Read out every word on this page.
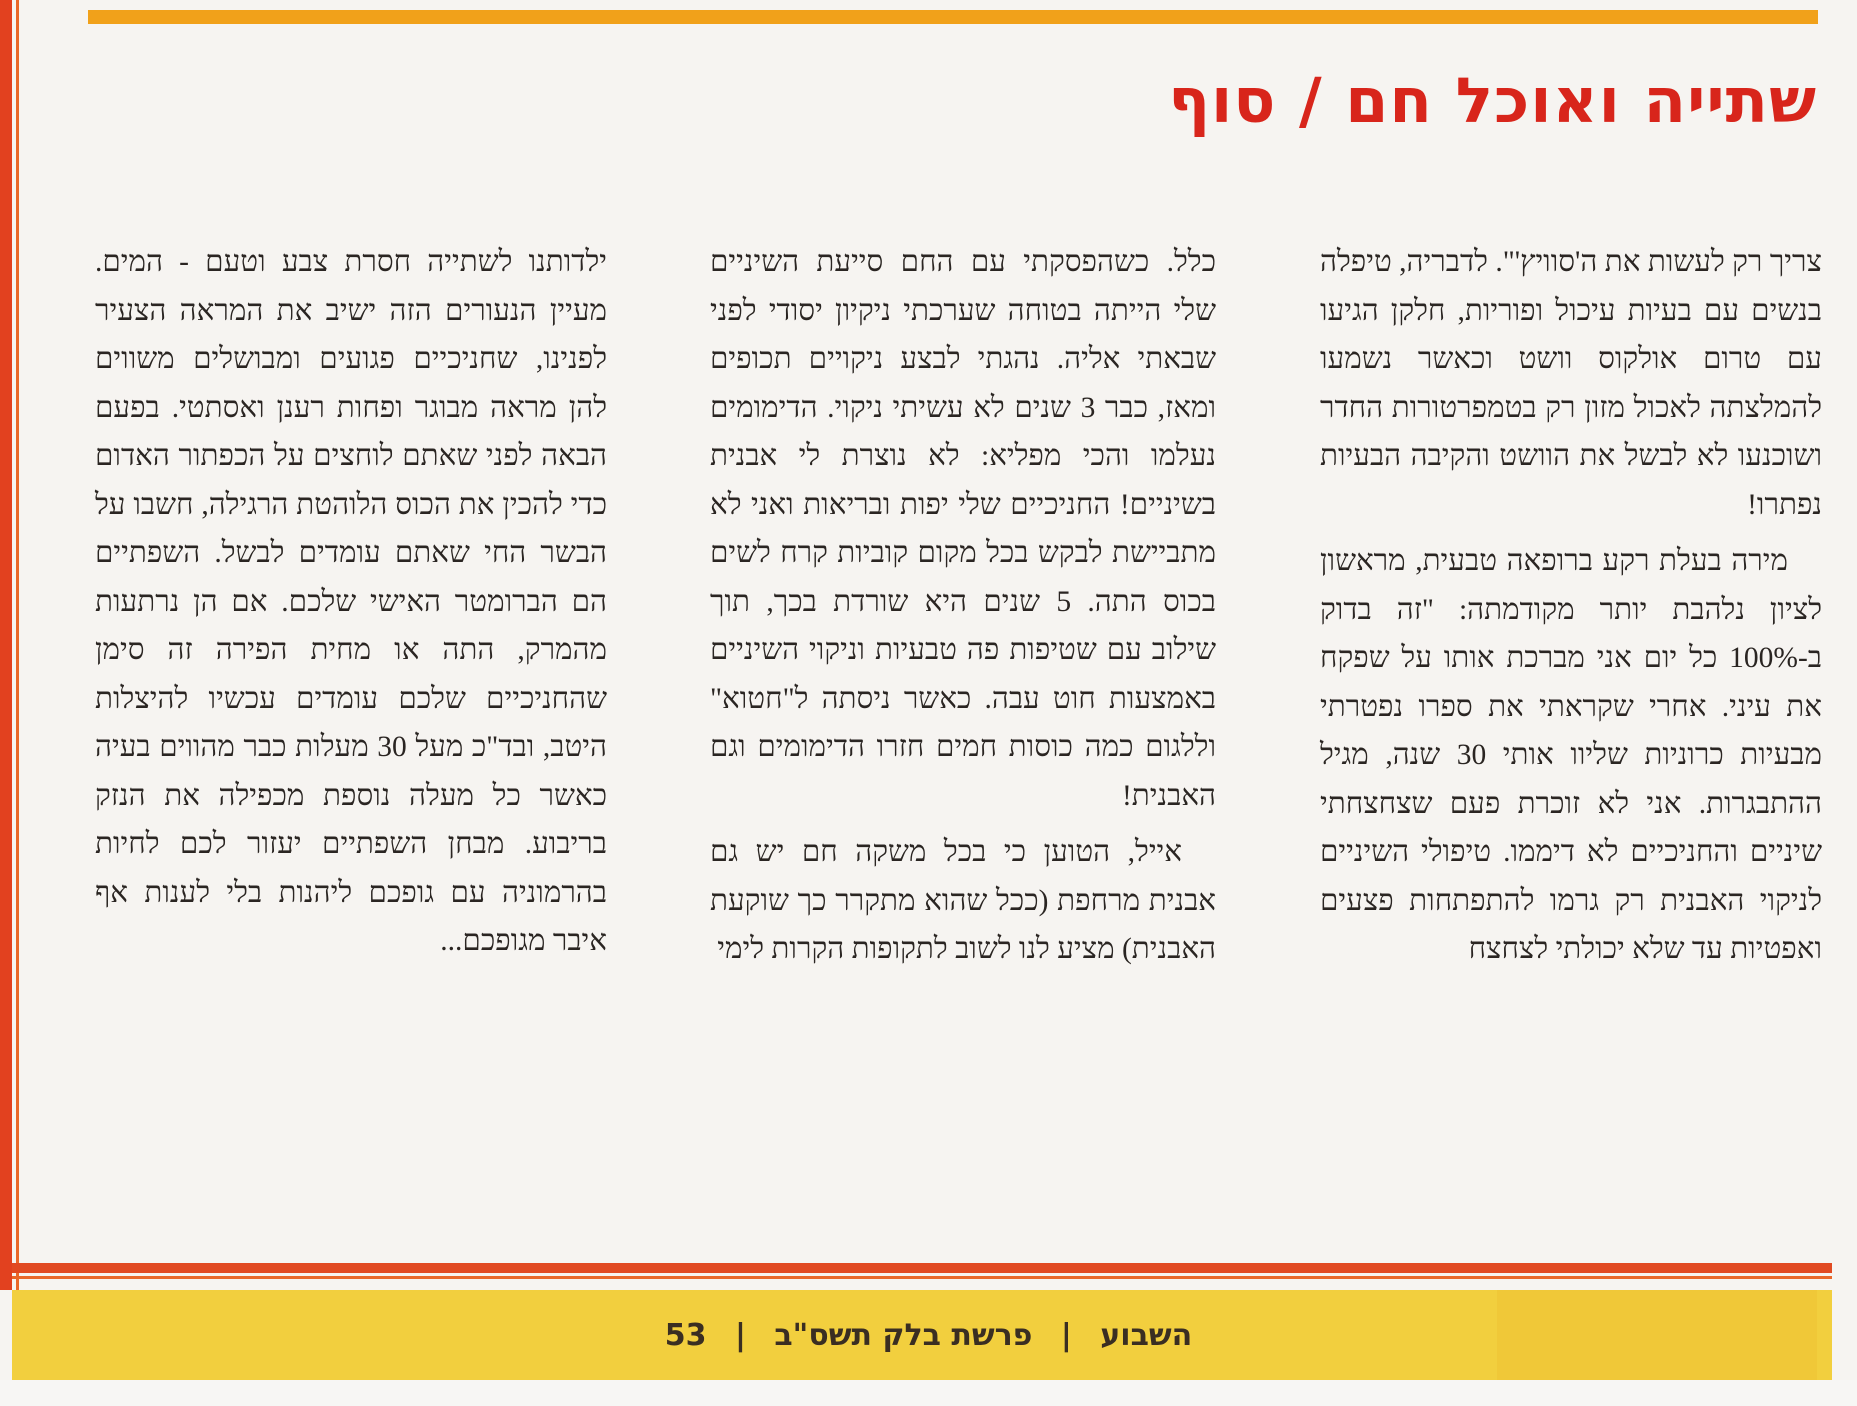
שתייה ואוכל חם / סוף

צריך רק לעשות את ה'סוויץ'". לדבריה, טיפלה בנשים עם בעיות עיכול ופוריות, חלקן הגיעו עם טרום אולקוס וושט וכאשר נשמעו להמלצתה לאכול מזון רק בטמפרטורות החדר ושוכנעו לא לבשל את הוושט והקיבה הבעיות נפתרו!

מירה בעלת רקע ברופאה טבעית, מראשון לציון נלהבת יותר מקודמתה: "זה בדוק ב-100% כל יום אני מברכת אותו על שפקח את עיני. אחרי שקראתי את ספרו נפטרתי מבעיות כרוניות שליוו אותי 30 שנה, מגיל ההתבגרות. אני לא זוכרת פעם שצחצחתי שיניים והחניכיים לא דיממו. טיפולי השיניים לניקוי האבנית רק גרמו להתפתחות פצעים ואפטיות עד שלא יכולתי לצחצח

כלל. כשהפסקתי עם החם סייעת השיניים שלי הייתה בטוחה שערכתי ניקיון יסודי לפני שבאתי אליה. נהגתי לבצע ניקויים תכופים ומאז, כבר 3 שנים לא עשיתי ניקוי. הדימומים נעלמו והכי מפליא: לא נוצרת לי אבנית בשיניים! החניכיים שלי יפות ובריאות ואני לא מתביישת לבקש בכל מקום קוביות קרח לשים בכוס התה. 5 שנים היא שורדת בכך, תוך שילוב עם שטיפות פה טבעיות וניקוי השיניים באמצעות חוט עבה. כאשר ניסתה ל"חטוא" וללגום כמה כוסות חמים חזרו הדימומים וגם האבנית!

אייל, הטוען כי בכל משקה חם יש גם אבנית מרחפת (ככל שהוא מתקרר כך שוקעת האבנית) מציע לנו לשוב לתקופות הקרות לימי

ילדותנו לשתייה חסרת צבע וטעם - המים. מעיין הנעורים הזה ישיב את המראה הצעיר לפנינו, שחניכיים פגועים ומבושלים משווים להן מראה מבוגר ופחות רענן ואסתטי. בפעם הבאה לפני שאתם לוחצים על הכפתור האדום כדי להכין את הכוס הלוהטת הרגילה, חשבו על הבשר החי שאתם עומדים לבשל. השפתיים הם הברומטר האישי שלכם. אם הן נרתעות מהמרק, התה או מחית הפירה זה סימן שהחניכיים שלכם עומדים עכשיו להיצלות היטב, ובד"כ מעל 30 מעלות כבר מהווים בעיה כאשר כל מעלה נוספת מכפילה את הנזק בריבוע. מבחן השפתיים יעזור לכם לחיות בהרמוניה עם גופכם ליהנות בלי לענות אף איבר מגופכם...

השבוע | פרשת בלק תשס"ב | 53
